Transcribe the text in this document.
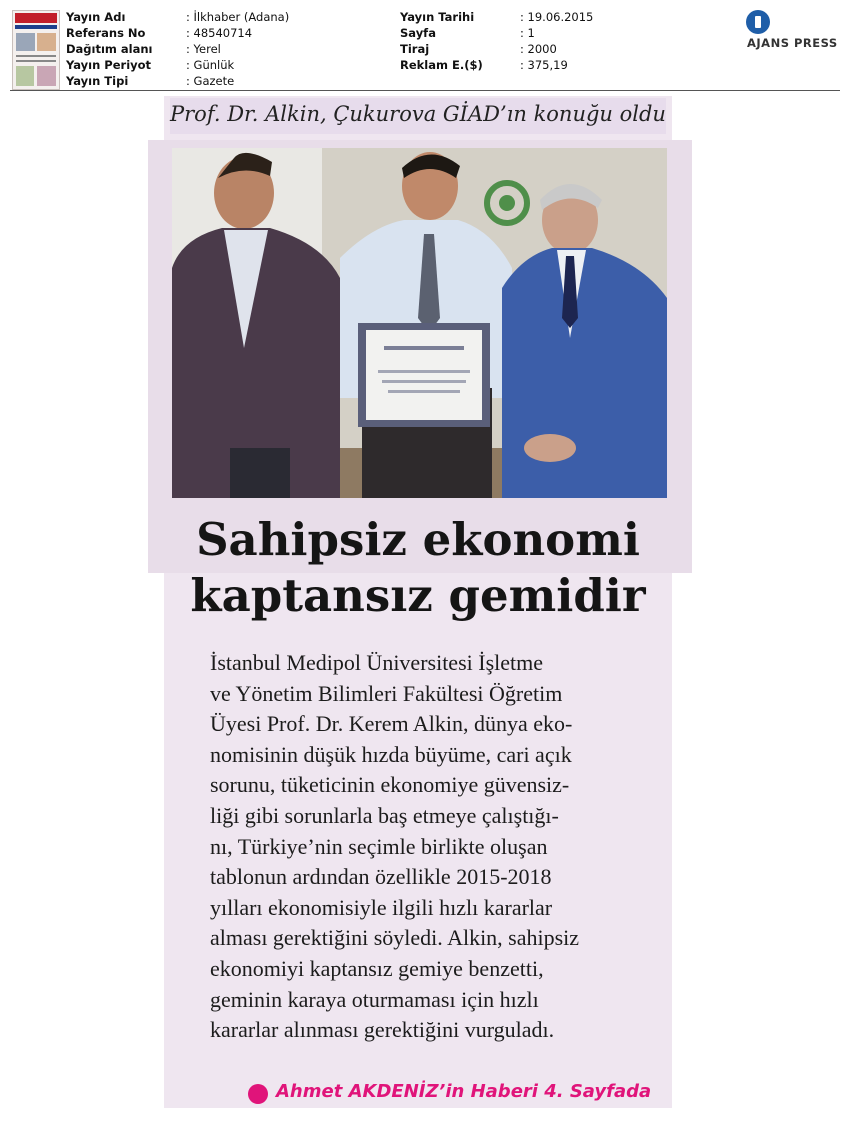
Yayın Adı	: İlkhaber (Adana)
Referans No	: 48540714
Dağıtım alanı	: Yerel
Yayın Periyot	: Günlük
Yayın Tipi	: Gazete
Yayın Tarihi	: 19.06.2015
Sayfa	: 1
Tiraj	: 2000
Reklam E.($)	: 375,19
AJANS PRESS
Prof. Dr. Alkin, Çukurova GİAD’ın konuğu oldu
Sahipsiz ekonomi
kaptansız gemidir
İstanbul Medipol Üniversitesi İşletme
ve Yönetim Bilimleri Fakültesi Öğretim
Üyesi Prof. Dr. Kerem Alkin, dünya eko-
nomisinin düşük hızda büyüme, cari açık
sorunu, tüketicinin ekonomiye güvensiz-
liği gibi sorunlarla baş etmeye çalıştığı-
nı, Türkiye’nin seçimle birlikte oluşan
tablonun ardından özellikle 2015-2018
yılları ekonomisiyle ilgili hızlı kararlar
alması gerektiğini söyledi. Alkin, sahipsiz
ekonomiyi kaptansız gemiye benzetti,
geminin karaya oturmaması için hızlı
kararlar alınması gerektiğini vurguladı.
Ahmet AKDENİZ’in Haberi 4. Sayfada
